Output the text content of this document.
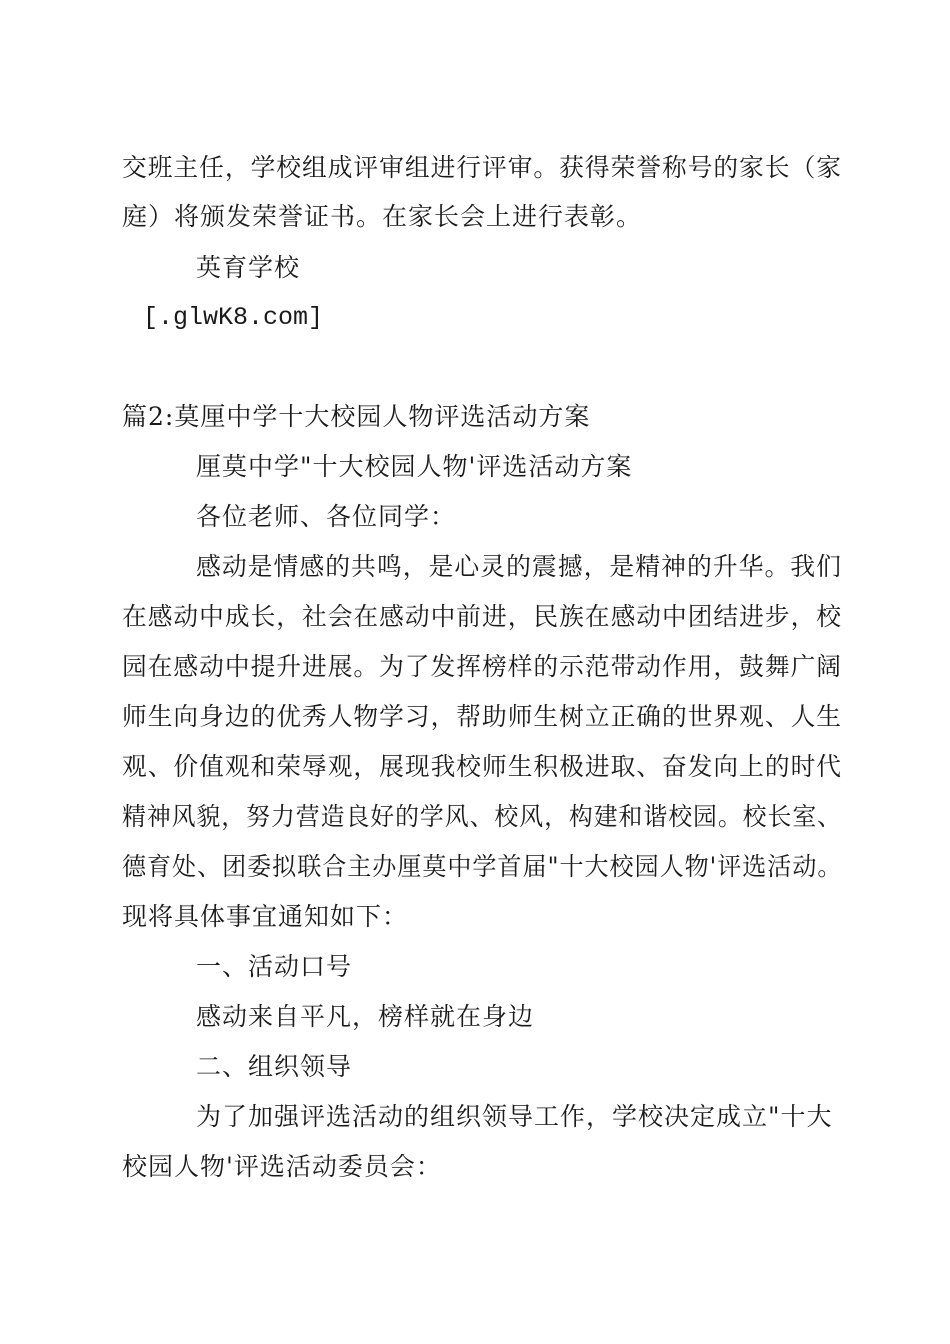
交班主任，学校组成评审组进行评审。获得荣誉称号的家长（家
庭）将颁发荣誉证书。在家长会上进行表彰。
英育学校
[.glwK8.com]
篇2:莫厘中学十大校园人物评选活动方案
厘莫中学"十大校园人物'评选活动方案
各位老师、各位同学：
感动是情感的共鸣，是心灵的震撼，是精神的升华。我们
在感动中成长，社会在感动中前进，民族在感动中团结进步，校
园在感动中提升进展。为了发挥榜样的示范带动作用，鼓舞广阔
师生向身边的优秀人物学习，帮助师生树立正确的世界观、人生
观、价值观和荣辱观，展现我校师生积极进取、奋发向上的时代
精神风貌，努力营造良好的学风、校风，构建和谐校园。校长室、
德育处、团委拟联合主办厘莫中学首届"十大校园人物'评选活动。
现将具体事宜通知如下：
一、活动口号
感动来自平凡，榜样就在身边
二、组织领导
为了加强评选活动的组织领导工作，学校决定成立"十大
校园人物'评选活动委员会：
